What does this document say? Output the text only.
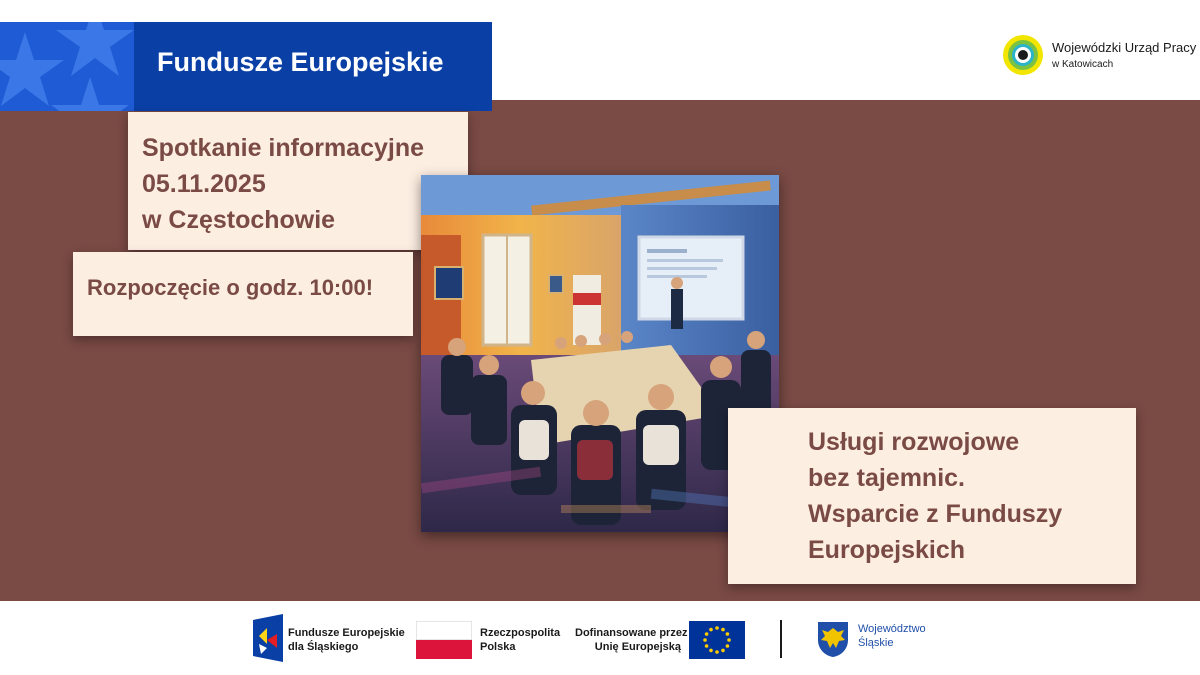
Fundusze Europejskie	Wojewódzki Urząd Pracy
w Katowicach
Spotkanie informacyjne
05.11.2025
w Częstochowie
Rozpoczęcie o godz. 10:00!
Usługi rozwojowe
bez tajemnic.
Wsparcie z Funduszy
Europejskich
Fundusze Europejskie
dla Śląskiego
Rzeczpospolita
Polska
Dofinansowane przez
Unię Europejską
Województwo
Śląskie
